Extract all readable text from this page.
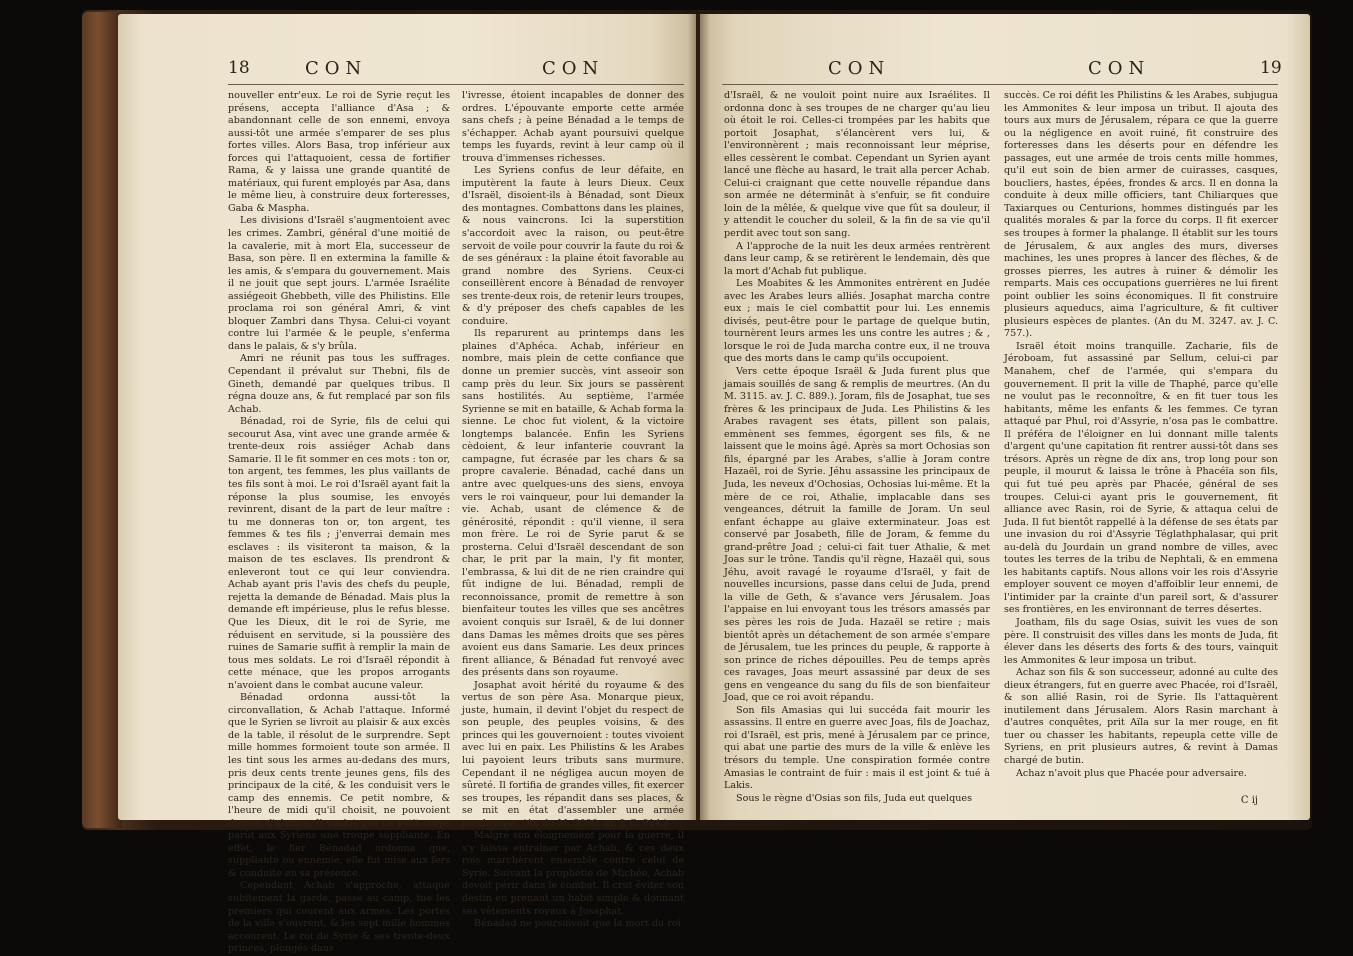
18	CON	CON

nouveller entr'eux. Le roi de Syrie reçut les présens, accepta l'alliance d'Asa ; & abandonnant celle de son ennemi, envoya aussi-tôt une armée s'emparer de ses plus fortes villes. Alors Basa, trop inférieur aux forces qui l'attaquoient, cessa de fortifier Rama, & y laissa une grande quantité de matériaux, qui furent employés par Asa, dans le même lieu, à construire deux forteresses, Gaba & Maspha.

Les divisions d'Israël s'augmentoient avec les crimes. Zambri, général d'une moitié de la cavalerie, mit à mort Ela, successeur de Basa, son père. Il en extermina la famille & les amis, & s'empara du gouvernement. Mais il ne jouit que sept jours. L'armée Israélite assiégeoit Ghebbeth, ville des Philistins. Elle proclama roi son général Amri, & vint bloquer Zambri dans Thysa. Celui-ci voyant contre lui l'armée & le peuple, s'enferma dans le palais, & s'y brûla.

Amri ne réunit pas tous les suffrages. Cependant il prévalut sur Thebni, fils de Gineth, demandé par quelques tribus. Il régna douze ans, & fut remplacé par son fils Achab.

Bénadad, roi de Syrie, fils de celui qui secourut Asa, vint avec une grande armée & trente-deux rois assiéger Achab dans Samarie. Il le fit sommer en ces mots : ton or, ton argent, tes femmes, les plus vaillants de tes fils sont à moi. Le roi d'Israël ayant fait la réponse la plus soumise, les envoyés revinrent, disant de la part de leur maître : tu me donneras ton or, ton argent, tes femmes & tes fils ; j'enverrai demain mes esclaves : ils visiteront ta maison, & la maison de tes esclaves. Ils prendront & enleveront tout ce qui leur conviendra. Achab ayant pris l'avis des chefs du peuple, rejetta la demande de Bénadad. Mais plus la demande eft impérieuse, plus le refus blesse. Que les Dieux, dit le roi de Syrie, me réduisent en servitude, si la poussière des ruines de Samarie suffit à remplir la main de tous mes soldats. Le roi d'Israël répondit à cette ménace, que les propos arrogants n'avoient dans le combat aucune valeur.

Bénadad ordonna aussi-tôt la circonvallation, & Achab l'attaque. Informé que le Syrien se livroit au plaisir & aux excès de la table, il résolut de le surprendre. Sept mille hommes formoient toute son armée. Il les tint sous les armes au-dedans des murs, pris deux cents trente jeunes gens, fils des principaux de la cité, & les conduisit vers le camp des ennemis. Ce petit nombre, & l'heure de midi qu'il choisit, ne pouvoient donner d'alarme. Il voulut que ce petit corps parût aux Syriens une troupe suppliante. En effet, le fier Bénadad ordonna que, suppliante ou ennemie, elle fut mise aux fers & conduite en sa présence.

Cependant Achab s'approche, attaque subitement la garde, passe au camp, tue les premiers qui courent aux armes. Les portes de la ville s'ouvrent, & les sept mille hommes accourent. Le roi de Syrie & ses trente-deux princes, plongés dans

l'ivresse, étoient incapables de donner des ordres. L'épouvante emporte cette armée sans chefs ; à peine Bénadad a le temps de s'échapper. Achab ayant poursuivi quelque temps les fuyards, revint à leur camp où il trouva d'immenses richesses.

Les Syriens confus de leur défaite, en imputèrent la faute à leurs Dieux. Ceux d'Israël, disoient-ils à Bénadad, sont Dieux des montagnes. Combattons dans les plaines, & nous vaincrons. Ici la superstition s'accordoit avec la raison, ou peut-être servoit de voile pour couvrir la faute du roi & de ses généraux : la plaine étoit favorable au grand nombre des Syriens. Ceux-ci conseillèrent encore à Bénadad de renvoyer ses trente-deux rois, de retenir leurs troupes, & d'y préposer des chefs capables de les conduire.

Ils reparurent au printemps dans les plaines d'Aphéca. Achab, inférieur en nombre, mais plein de cette confiance que donne un premier succès, vint asseoir son camp près du leur. Six jours se passèrent sans hostilités. Au septième, l'armée Syrienne se mit en bataille, & Achab forma la sienne. Le choc fut violent, & la victoire longtemps balancée. Enfin les Syriens cèdoient, & leur infanterie couvrant la campagne, fut écrasée par les chars & sa propre cavalerie. Bénadad, caché dans un antre avec quelques-uns des siens, envoya vers le roi vainqueur, pour lui demander la vie. Achab, usant de clémence & de générosité, répondit : qu'il vienne, il sera mon frère. Le roi de Syrie parut & se prosterna. Celui d'Israël descendant de son char, le prit par la main, l'y fit monter, l'embrassa, & lui dit de ne rien craindre qui fût indigne de lui. Bénadad, rempli de reconnoissance, promit de remettre à son bienfaiteur toutes les villes que ses ancêtres avoient conquis sur Israël, & de lui donner dans Damas les mêmes droits que ses pères avoient eus dans Samarie. Les deux princes firent alliance, & Bénadad fut renvoyé avec des présents dans son royaume.

Josaphat avoit hérité du royaume & des vertus de son père Asa. Monarque pieux, juste, humain, il devint l'objet du respect de son peuple, des peuples voisins, & des princes qui les gouvernoient : toutes vivoient avec lui en paix. Les Philistins & les Arabes lui payoient leurs tributs sans murmure. Cependant il ne négligea aucun moyen de sûreté. Il fortifia de grandes villes, fit exercer ses troupes, les répandit dans ses places, & se mit en état d'assembler une armée nombreuse. (An du M. 3090. av. J. C. 914.).

Malgré son éloignement pour la guerre, il s'y laissa entraîner par Achab, & ces deux rois marchèrent ensemble contre celui de Syrie. Suivant la prophétie de Michée, Achab devoit périr dans le combat. Il crut éviter son destin en prenant un habit simple & donnant ses vêtements royaux à Josaphat.

Bénadad ne poursuivoit que la mort du roi

CON	CON	19

d'Israël, & ne vouloit point nuire aux Israélites. Il ordonna donc à ses troupes de ne charger qu'au lieu où étoit le roi. Celles-ci trompées par les habits que portoit Josaphat, s'élancèrent vers lui, & l'environnèrent ; mais reconnoissant leur méprise, elles cessèrent le combat. Cependant un Syrien ayant lancé une flèche au hasard, le trait alla percer Achab. Celui-ci craignant que cette nouvelle répandue dans son armée ne déterminât à s'enfuir, se fit conduire loin de la mêlée, & quelque vive que fût sa douleur, il y attendit le coucher du soleil, & la fin de sa vie qu'il perdit avec tout son sang.

A l'approche de la nuit les deux armées rentrèrent dans leur camp, & se retirèrent le lendemain, dès que la mort d'Achab fut publique.

Les Moabites & les Ammonites entrèrent en Judée avec les Arabes leurs alliés. Josaphat marcha contre eux ; mais le ciel combattit pour lui. Les ennemis divisés, peut-être pour le partage de quelque butin, tournèrent leurs armes les uns contre les autres ; & , lorsque le roi de Juda marcha contre eux, il ne trouva que des morts dans le camp qu'ils occupoient.

Vers cette époque Israël & Juda furent plus que jamais souillés de sang & remplis de meurtres. (An du M. 3115. av. J. C. 889.). Joram, fils de Josaphat, tue ses frères & les principaux de Juda. Les Philistins & les Arabes ravagent ses états, pillent son palais, emmènent ses femmes, égorgent ses fils, & ne laissent que le moins âgé. Après sa mort Ochosias son fils, épargné par les Arabes, s'allie à Joram contre Hazaël, roi de Syrie. Jéhu assassine les principaux de Juda, les neveux d'Ochosias, Ochosias lui-même. Et la mère de ce roi, Athalie, implacable dans ses vengeances, détruit la famille de Joram. Un seul enfant échappe au glaive exterminateur. Joas est conservé par Josabeth, fille de Joram, & femme du grand-prêtre Joad ; celui-ci fait tuer Athalie, & met Joas sur le trône. Tandis qu'il règne, Hazaël qui, sous Jéhu, avoit ravagé le royaume d'Israël, y fait de nouvelles incursions, passe dans celui de Juda, prend la ville de Geth, & s'avance vers Jérusalem. Joas l'appaise en lui envoyant tous les trésors amassés par ses pères les rois de Juda. Hazaël se retire ; mais bientôt après un détachement de son armée s'empare de Jérusalem, tue les princes du peuple, & rapporte à son prince de riches dépouilles. Peu de temps après ces ravages, Joas meurt assassiné par deux de ses gens en vengeance du sang du fils de son bienfaiteur Joad, que ce roi avoit répandu.

Son fils Amasias qui lui succéda fait mourir les assassins. Il entre en guerre avec Joas, fils de Joachaz, roi d'Israël, est pris, mené à Jérusalem par ce prince, qui abat une partie des murs de la ville & enlève les trésors du temple. Une conspiration formée contre Amasias le contraint de fuir : mais il est joint & tué à Lakis.

Sous le règne d'Osias son fils, Juda eut quelques

succès. Ce roi défit les Philistins & les Arabes, subjugua les Ammonites & leur imposa un tribut. Il ajouta des tours aux murs de Jérusalem, répara ce que la guerre ou la négligence en avoit ruiné, fit construire des forteresses dans les déserts pour en défendre les passages, eut une armée de trois cents mille hommes, qu'il eut soin de bien armer de cuirasses, casques, boucliers, hastes, épées, frondes & arcs. Il en donna la conduite à deux mille officiers, tant Chiliarques que Taxiarques ou Centurions, hommes distingués par les qualités morales & par la force du corps. Il fit exercer ses troupes à former la phalange. Il établit sur les tours de Jérusalem, & aux angles des murs, diverses machines, les unes propres à lancer des flèches, & de grosses pierres, les autres à ruiner & démolir les remparts. Mais ces occupations guerrières ne lui firent point oublier les soins économiques. Il fit construire plusieurs aqueducs, aima l'agriculture, & fit cultiver plusieurs espèces de plantes. (An du M. 3247. av. J. C. 757.).

Israël étoit moins tranquille. Zacharie, fils de Jéroboam, fut assassiné par Sellum, celui-ci par Manahem, chef de l'armée, qui s'empara du gouvernement. Il prit la ville de Thaphé, parce qu'elle ne voulut pas le reconnoître, & en fit tuer tous les habitants, même les enfants & les femmes. Ce tyran attaqué par Phul, roi d'Assyrie, n'osa pas le combattre. Il préféra de l'éloigner en lui donnant mille talents d'argent qu'une capitation fit rentrer aussi-tôt dans ses trésors. Après un règne de dix ans, trop long pour son peuple, il mourut & laissa le trône à Phacéïa son fils, qui fut tué peu après par Phacée, général de ses troupes. Celui-ci ayant pris le gouvernement, fit alliance avec Rasin, roi de Syrie, & attaqua celui de Juda. Il fut bientôt rappellé à la défense de ses états par une invasion du roi d'Assyrie Téglathphalasar, qui prit au-delà du Jourdain un grand nombre de villes, avec toutes les terres de la tribu de Nephtali, & en emmena les habitants captifs. Nous allons voir les rois d'Assyrie employer souvent ce moyen d'affoiblir leur ennemi, de l'intimider par la crainte d'un pareil sort, & d'assurer ses frontières, en les environnant de terres désertes.

Joatham, fils du sage Osias, suivit les vues de son père. Il construisit des villes dans les monts de Juda, fit élever dans les déserts des forts & des tours, vainquit les Ammonites & leur imposa un tribut.

Achaz son fils & son successeur, adonné au culte des dieux étrangers, fut en guerre avec Phacée, roi d'Israël, & son allié Rasin, roi de Syrie. Ils l'attaquèrent inutilement dans Jérusalem. Alors Rasin marchant à d'autres conquêtes, prit Aïla sur la mer rouge, en fit tuer ou chasser les habitants, repeupla cette ville de Syriens, en prit plusieurs autres, & revint à Damas chargé de butin.

Achaz n'avoit plus que Phacée pour adversaire.

C ij
